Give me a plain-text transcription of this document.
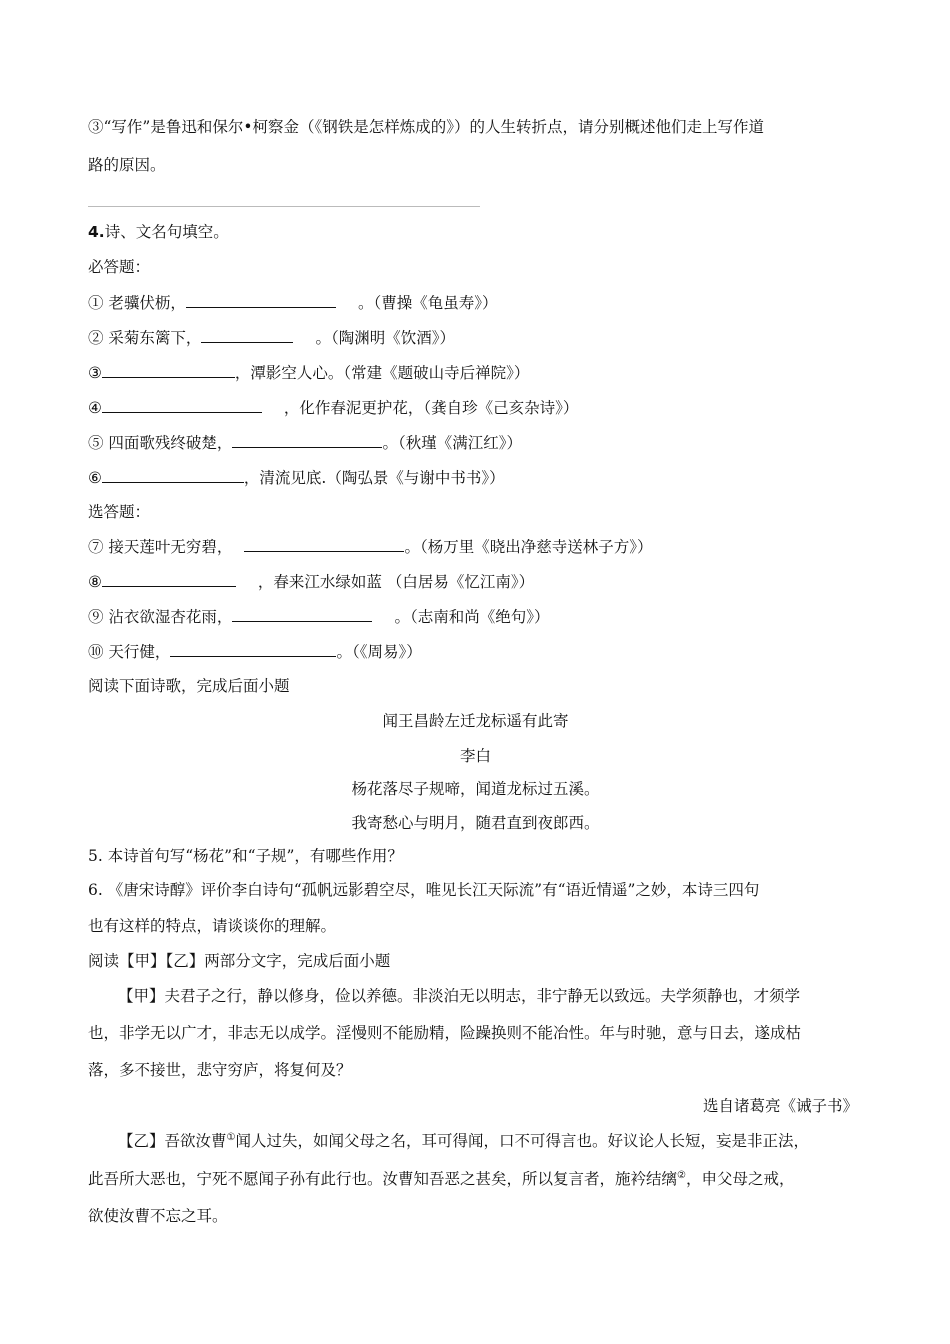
③“写作”是鲁迅和保尔•柯察金（《钢铁是怎样炼成的》）的人生转折点，请分别概述他们走上写作道
路的原因。
4.诗、文名句填空。
必答题：
① 老骥伏枥，	。（曹操《龟虽寿》）
② 采菊东篱下，	。（陶渊明《饮酒》）
③	，潭影空人心。（常建《题破山寺后禅院》）
④	，化作春泥更护花，（龚自珍《己亥杂诗》）
⑤ 四面歌残终破楚，	。（秋瑾《满江红》）
⑥	，清流见底.（陶弘景《与谢中书书》）
选答题：
⑦ 接天莲叶无穷碧，	。（杨万里《晓出净慈寺送林子方》）
⑧	，春来江水绿如蓝 （白居易《忆江南》）
⑨ 沾衣欲湿杏花雨，	。（志南和尚《绝句》）
⑩ 天行健，	。（《周易》）
阅读下面诗歌，完成后面小题
闻王昌龄左迁龙标遥有此寄
李白
杨花落尽子规啼，闻道龙标过五溪。
我寄愁心与明月，随君直到夜郎西。
5. 本诗首句写“杨花”和“子规”，有哪些作用？
6. 《唐宋诗醇》评价李白诗句“孤帆远影碧空尽，唯见长江天际流”有“语近情遥”之妙，本诗三四句
也有这样的特点，请谈谈你的理解。
阅读【甲】【乙】两部分文字，完成后面小题
【甲】夫君子之行，静以修身，俭以养德。非淡泊无以明志，非宁静无以致远。夫学须静也，才须学
也，非学无以广才，非志无以成学。淫慢则不能励精，险躁换则不能冶性。年与时驰，意与日去，遂成枯
落，多不接世，悲守穷庐，将复何及？
选自诸葛亮《诫子书》
【乙】吾欲汝曹①闻人过失，如闻父母之名，耳可得闻，口不可得言也。好议论人长短，妄是非正法，
此吾所大恶也，宁死不愿闻子孙有此行也。汝曹知吾恶之甚矣，所以复言者，施衿结缡②，申父母之戒，
欲使汝曹不忘之耳。
